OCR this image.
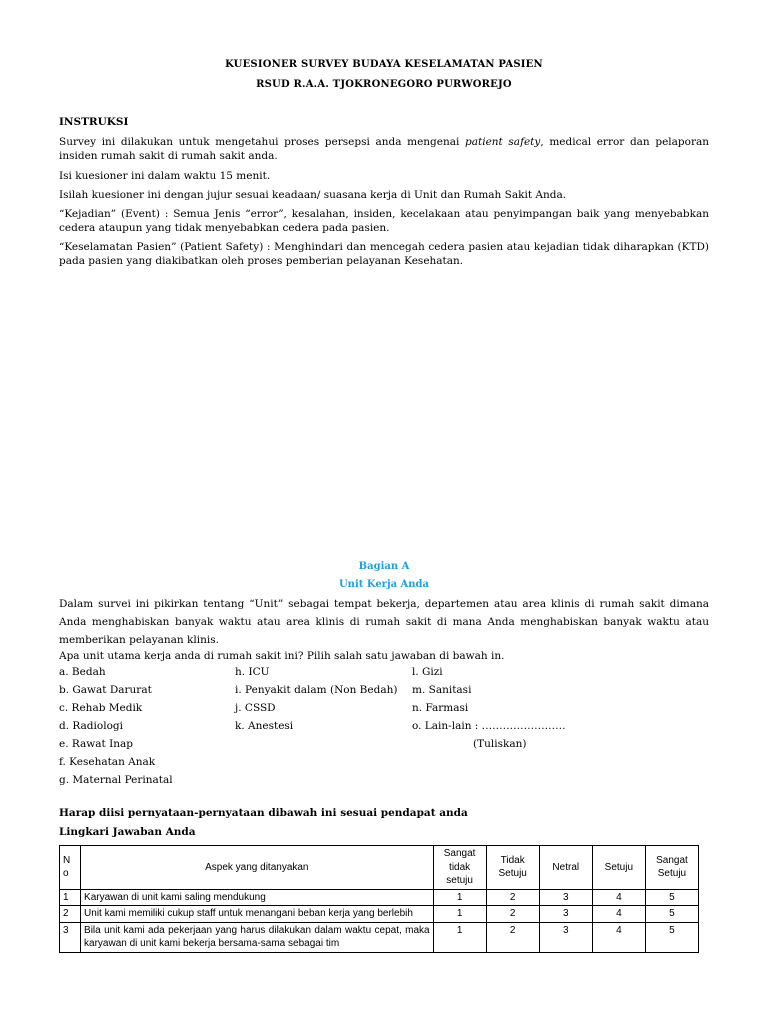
KUESIONER SURVEY BUDAYA KESELAMATAN PASIEN
RSUD R.A.A. TJOKRONEGORO PURWOREJO

INSTRUKSI

Survey ini dilakukan untuk mengetahui proses persepsi anda mengenai patient safety, medical error dan pelaporan insiden rumah sakit di rumah sakit anda.

Isi kuesioner ini dalam waktu 15 menit.

Isilah kuesioner ini dengan jujur sesuai keadaan/ suasana kerja di Unit dan Rumah Sakit Anda.

“Kejadian” (Event) : Semua Jenis “error”, kesalahan, insiden, kecelakaan atau penyimpangan baik yang menyebabkan cedera ataupun yang tidak menyebabkan cedera pada pasien.

“Keselamatan Pasien” (Patient Safety) : Menghindari dan mencegah cedera pasien atau kejadian tidak diharapkan (KTD) pada pasien yang diakibatkan oleh proses pemberian pelayanan Kesehatan.

Bagian A
Unit Kerja Anda
Dalam survei ini pikirkan tentang “Unit” sebagai tempat bekerja, departemen atau area klinis di rumah sakit dimana Anda menghabiskan banyak waktu atau area klinis di rumah sakit di mana Anda menghabiskan banyak waktu atau memberikan pelayanan klinis.
Apa unit utama kerja anda di rumah sakit ini? Pilih salah satu jawaban di bawah in.
a. Bedah	h. ICU	l. Gizi
b. Gawat Darurat	i. Penyakit dalam (Non Bedah) m. Sanitasi
c. Rehab Medik	j. CSSD	n. Farmasi
d. Radiologi	k. Anestesi	o. Lain-lain : ……………………
e. Rawat Inap	(Tuliskan)
f. Kesehatan Anak
g. Maternal Perinatal
Harap diisi pernyataan-pernyataan dibawah ini sesuai pendapat anda
Lingkari Jawaban Anda
N o	Aspek yang ditanyakan	Sangat tidak setuju	Tidak Setuju	Netral	Setuju	Sangat Setuju
1	Karyawan di unit kami saling mendukung	1	2	3	4	5
2	Unit kami memiliki cukup staff untuk menangani beban kerja yang berlebih	1	2	3	4	5
3	Bila unit kami ada pekerjaan yang harus dilakukan dalam waktu cepat, maka karyawan di unit kami bekerja bersama-sama sebagai tim	1	2	3	4	5
